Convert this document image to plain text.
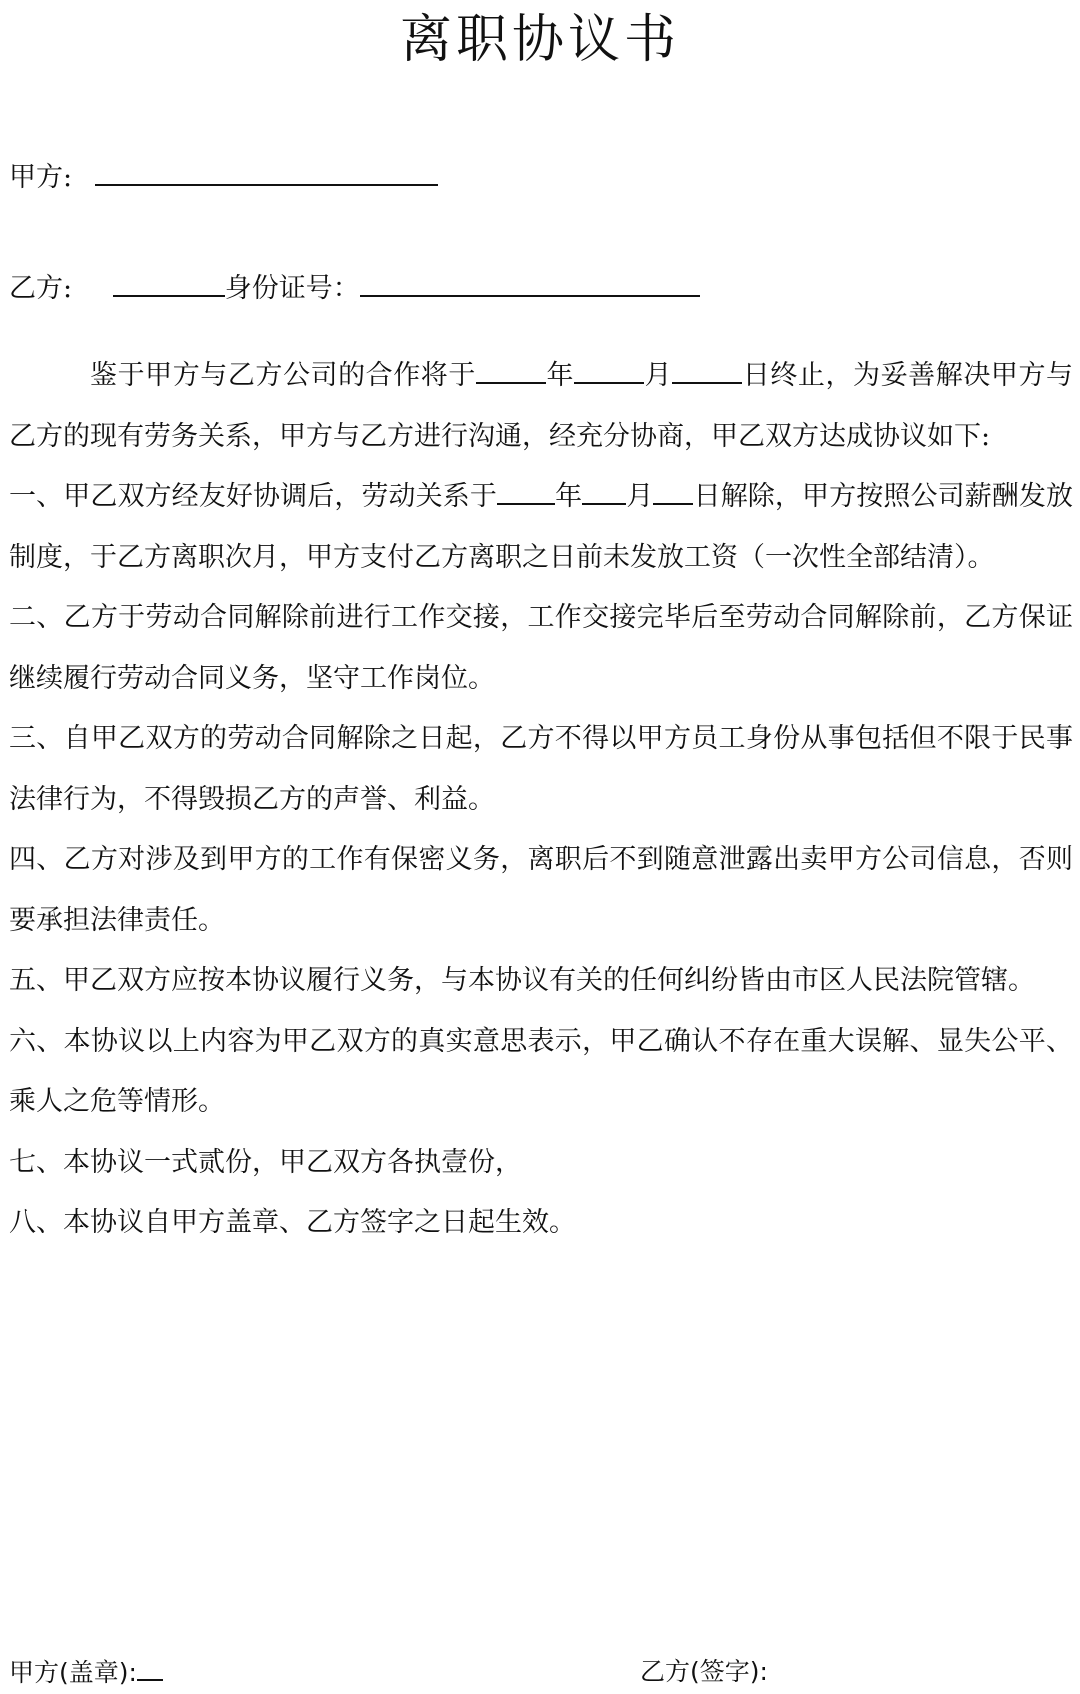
离职协议书
甲方:
乙方:	身份证号：

鉴于甲方与乙方公司的合作将于	年	月	日终止，为妥善解决甲方与乙方的现有劳务关系，甲方与乙方进行沟通，经充分协商，甲乙双方达成协议如下:

一、甲乙双方经友好协调后，劳动关系于 年 月 日解除，甲方按照公司薪酬发放制度，于乙方离职次月，甲方支付乙方离职之日前未发放工资（一次性全部结清）。

二、乙方于劳动合同解除前进行工作交接，工作交接完毕后至劳动合同解除前，乙方保证继续履行劳动合同义务，坚守工作岗位。

三、自甲乙双方的劳动合同解除之日起，乙方不得以甲方员工身份从事包括但不限于民事法律行为，不得毁损乙方的声誉、利益。

四、乙方对涉及到甲方的工作有保密义务，离职后不到随意泄露出卖甲方公司信息，否则要承担法律责任。

五、甲乙双方应按本协议履行义务，与本协议有关的任何纠纷皆由市区人民法院管辖。

六、本协议以上内容为甲乙双方的真实意思表示，甲乙确认不存在重大误解、显失公平、乘人之危等情形。

七、本协议一式贰份，甲乙双方各执壹份，

八、本协议自甲方盖章、乙方签字之日起生效。

甲方(盖章):	乙方(签字):
